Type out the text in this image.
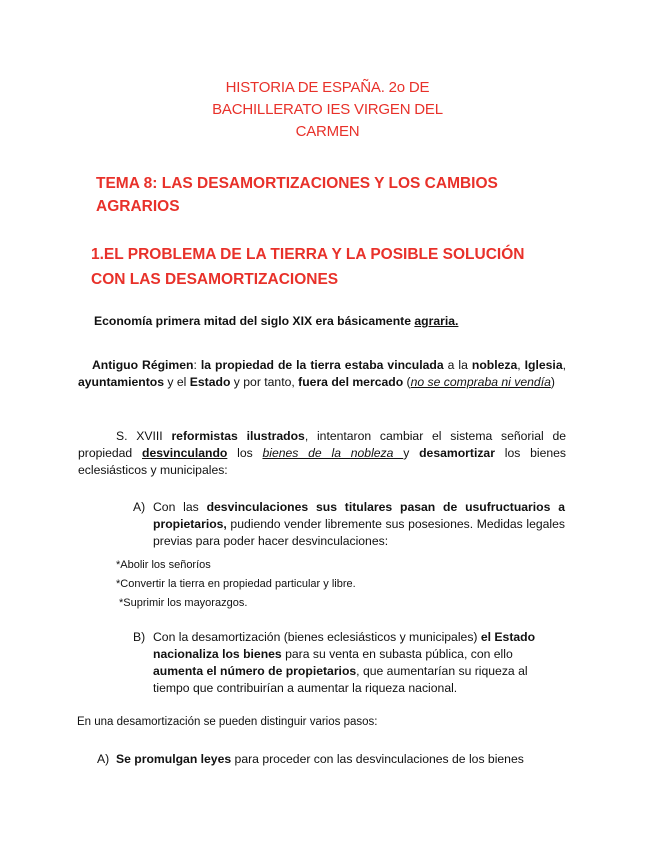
HISTORIA DE ESPAÑA. 2o DE
BACHILLERATO IES VIRGEN DEL
CARMEN
TEMA 8: LAS DESAMORTIZACIONES Y LOS CAMBIOS AGRARIOS
1.EL PROBLEMA DE LA TIERRA Y LA POSIBLE SOLUCIÓN CON LAS DESAMORTIZACIONES
Economía primera mitad del siglo XIX era básicamente agraria.
Antiguo Régimen: la propiedad de la tierra estaba vinculada a la nobleza, Iglesia, ayuntamientos y el Estado y por tanto, fuera del mercado (no se compraba ni vendía)
S. XVIII reformistas ilustrados, intentaron cambiar el sistema señorial de propiedad desvinculando los bienes de la nobleza y desamortizar los bienes eclesiásticos y municipales:
A) Con las desvinculaciones sus titulares pasan de usufructuarios a propietarios, pudiendo vender libremente sus posesiones. Medidas legales previas para poder hacer desvinculaciones:
*Abolir los señoríos
*Convertir la tierra en propiedad particular y libre.
*Suprimir los mayorazgos.
B) Con la desamortización (bienes eclesiásticos y municipales) el Estado nacionaliza los bienes para su venta en subasta pública, con ello aumenta el número de propietarios, que aumentarían su riqueza al tiempo que contribuirían a aumentar la riqueza nacional.
En una desamortización se pueden distinguir varios pasos:
A) Se promulgan leyes para proceder con las desvinculaciones de los bienes
